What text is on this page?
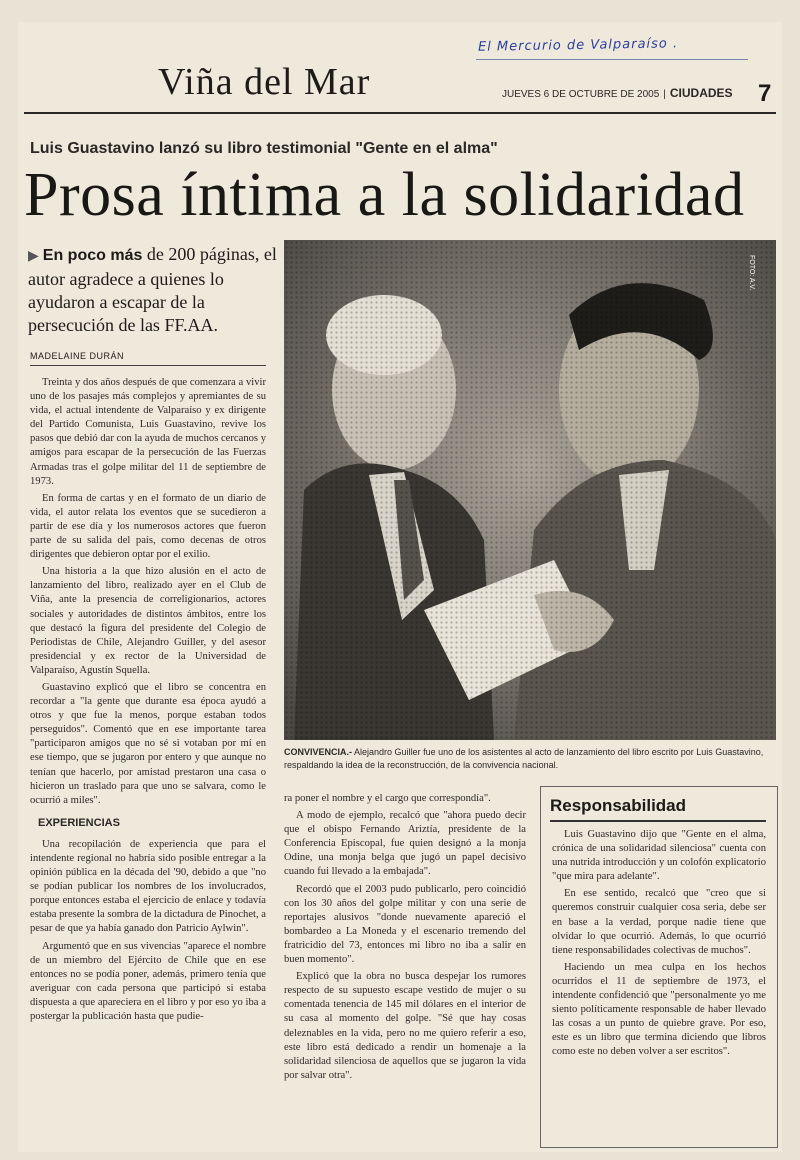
El Mercurio de Valparaíso .
Viña del Mar	JUEVES 6 DE OCTUBRE DE 2005 | CIUDADES 7
Luis Guastavino lanzó su libro testimonial "Gente en el alma"
Prosa íntima a la solidaridad
▶ En poco más de 200 páginas, el autor agradece a quienes lo ayudaron a escapar de la persecución de las FF.AA.
MADELAINE DURÁN

Treinta y dos años después de que comenzara a vivir uno de los pasajes más complejos y apremiantes de su vida, el actual intendente de Valparaíso y ex dirigente del Partido Comunista, Luis Guastavino, revive los pasos que debió dar con la ayuda de muchos cercanos y amigos para escapar de la persecución de las Fuerzas Armadas tras el golpe militar del 11 de septiembre de 1973.

En forma de cartas y en el formato de un diario de vida, el autor relata los eventos que se sucedieron a partir de ese día y los numerosos actores que fueron parte de su salida del país, como decenas de otros dirigentes que debieron optar por el exilio.

Una historia a la que hizo alusión en el acto de lanzamiento del libro, realizado ayer en el Club de Viña, ante la presencia de correligionarios, actores sociales y autoridades de distintos ámbitos, entre los que destacó la figura del presidente del Colegio de Periodistas de Chile, Alejandro Guiller, y del asesor presidencial y ex rector de la Universidad de Valparaíso, Agustín Squella.

Guastavino explicó que el libro se concentra en recordar a "la gente que durante esa época ayudó a otros y que fue la menos, porque estaban todos perseguidos". Comentó que en ese importante tarea "participaron amigos que no sé si votaban por mí en ese tiempo, que se jugaron por entero y que aunque no tenían que hacerlo, por amistad prestaron una casa o hicieron un traslado para que uno se salvara, como le ocurrió a miles".

EXPERIENCIAS

Una recopilación de experiencia que para el intendente regional no habría sido posible entregar a la opinión pública en la década del '90, debido a que "no se podían publicar los nombres de los involucrados, porque entonces estaba el ejercicio de enlace y todavía estaba presente la sombra de la dictadura de Pinochet, a pesar de que ya había ganado don Patricio Aylwin".

Argumentó que en sus vivencias "aparece el nombre de un miembro del Ejército de Chile que en ese entonces no se podía poner, además, primero tenía que averiguar con cada persona que participó si estaba dispuesta a que apareciera en el libro y por eso yo iba a postergar la publicación hasta que pudie-

FOTO: A.V.
CONVIVENCIA.- Alejandro Guiller fue uno de los asistentes al acto de lanzamiento del libro escrito por Luis Guastavino, respaldando la idea de la reconstrucción, de la convivencia nacional.

ra poner el nombre y el cargo que correspondía".

A modo de ejemplo, recalcó que "ahora puedo decir que el obispo Fernando Ariztía, presidente de la Conferencia Episcopal, fue quien designó a la monja Odine, una monja belga que jugó un papel decisivo cuando fui llevado a la embajada".

Recordó que el 2003 pudo publicarlo, pero coincidió con los 30 años del golpe militar y con una serie de reportajes alusivos "donde nuevamente apareció el bombardeo a La Moneda y el escenario tremendo del fratricidio del 73, entonces mi libro no iba a salir en buen momento".

Explicó que la obra no busca despejar los rumores respecto de su supuesto escape vestido de mujer o su comentada tenencia de 145 mil dólares en el interior de su casa al momento del golpe. "Sé que hay cosas deleznables en la vida, pero no me quiero referir a eso, este libro está dedicado a rendir un homenaje a la solidaridad silenciosa de aquellos que se jugaron la vida por salvar otra".

Responsabilidad

Luis Guastavino dijo que "Gente en el alma, crónica de una solidaridad silenciosa" cuenta con una nutrida introducción y un colofón explicatorio "que mira para adelante".

En ese sentido, recalcó que "creo que si queremos construir cualquier cosa seria, debe ser en base a la verdad, porque nadie tiene que olvidar lo que ocurrió. Además, lo que ocurrió tiene responsabilidades colectivas de muchos".

Haciendo un mea culpa en los hechos ocurridos el 11 de septiembre de 1973, el intendente confidenció que "personalmente yo me siento políticamente responsable de haber llevado las cosas a un punto de quiebre grave. Por eso, este es un libro que termina diciendo que libros como este no deben volver a ser escritos".
